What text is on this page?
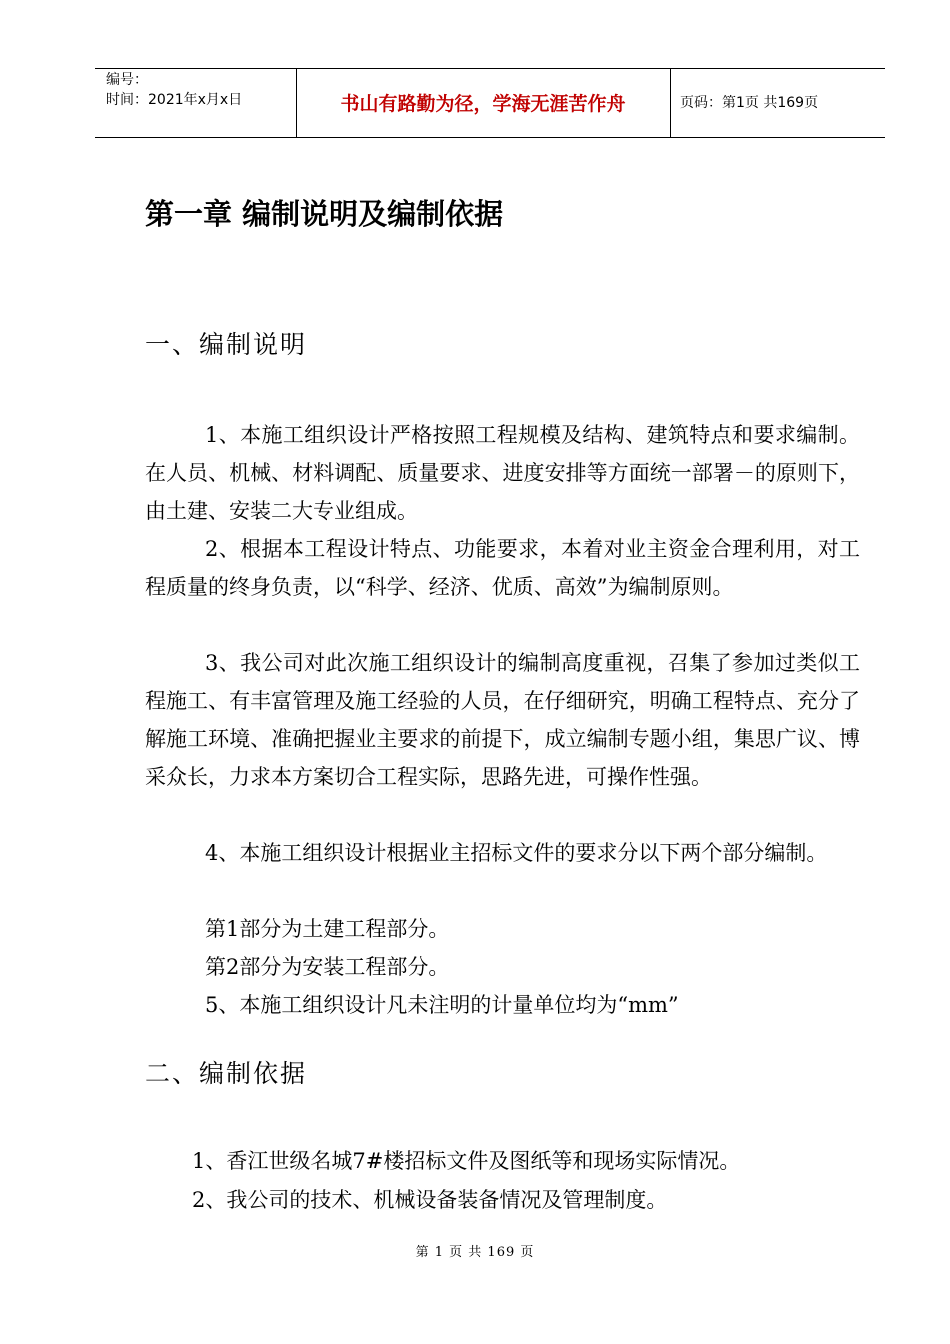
编号：
时间：2021年x月x日	书山有路勤为径，学海无涯苦作舟	页码：第1页 共169页
第一章 编制说明及编制依据
一、编制说明

1、本施工组织设计严格按照工程规模及结构、建筑特点和要求编制。在人员、机械、材料调配、质量要求、进度安排等方面统一部署－的原则下，由土建、安装二大专业组成。

2、根据本工程设计特点、功能要求，本着对业主资金合理利用，对工程质量的终身负责，以“科学、经济、优质、高效”为编制原则。

3、我公司对此次施工组织设计的编制高度重视，召集了参加过类似工程施工、有丰富管理及施工经验的人员，在仔细研究，明确工程特点、充分了解施工环境、准确把握业主要求的前提下，成立编制专题小组，集思广议、博采众长，力求本方案切合工程实际，思路先进，可操作性强。

4、本施工组织设计根据业主招标文件的要求分以下两个部分编制。

第1部分为土建工程部分。
第2部分为安装工程部分。
5、本施工组织设计凡未注明的计量单位均为“mm”
二、编制依据
1、香江世级名城7#楼招标文件及图纸等和现场实际情况。
2、我公司的技术、机械设备装备情况及管理制度。
第 1 页 共 169 页
